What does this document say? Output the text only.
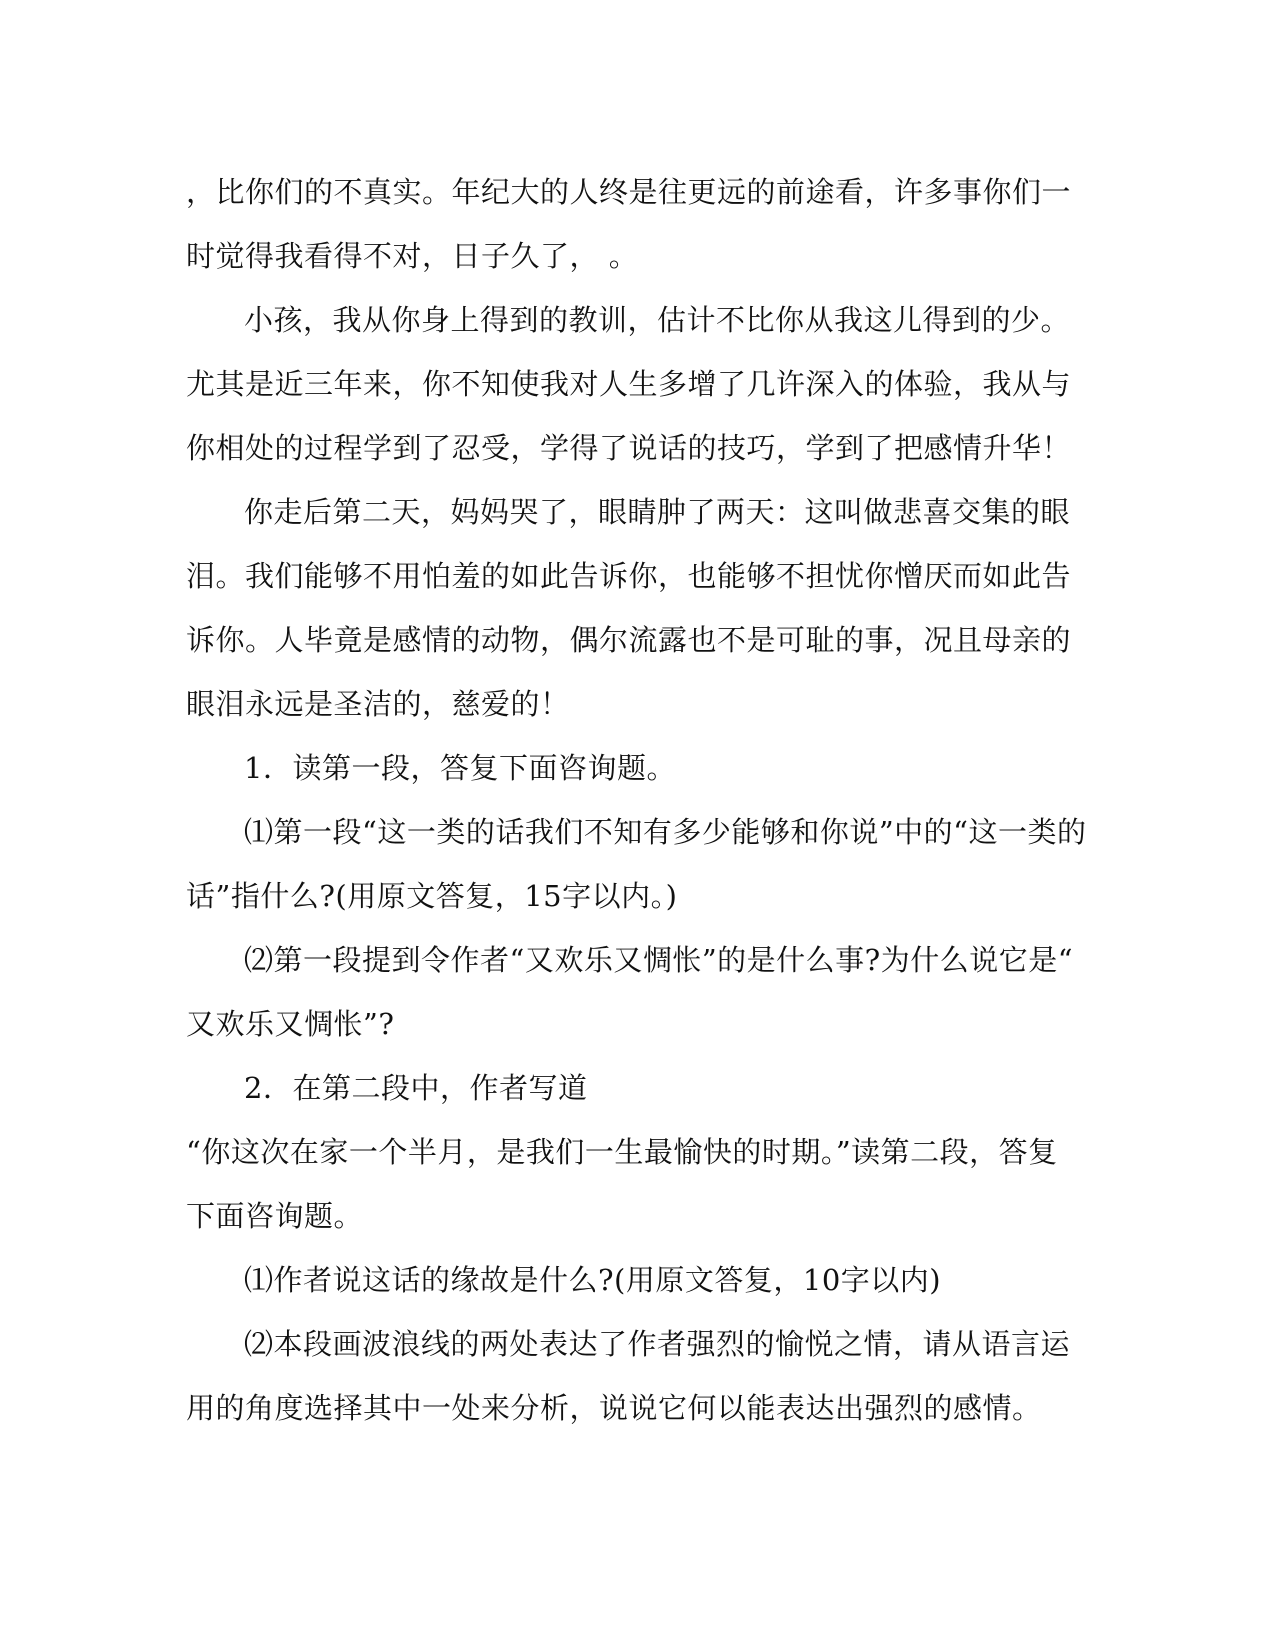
，比你们的不真实。年纪大的人终是往更远的前途看，许多事你们一
时觉得我看得不对，日子久了， 。
小孩，我从你身上得到的教训，估计不比你从我这儿得到的少。
尤其是近三年来，你不知使我对人生多增了几许深入的体验，我从与
你相处的过程学到了忍受，学得了说话的技巧，学到了把感情升华！
你走后第二天，妈妈哭了，眼睛肿了两天：这叫做悲喜交集的眼
泪。我们能够不用怕羞的如此告诉你，也能够不担忧你憎厌而如此告
诉你。人毕竟是感情的动物，偶尔流露也不是可耻的事，况且母亲的
眼泪永远是圣洁的，慈爱的！
1．读第一段，答复下面咨询题。
⑴第一段“这一类的话我们不知有多少能够和你说”中的“这一类的
话”指什么?(用原文答复，15字以内。)
⑵第一段提到令作者“又欢乐又惆怅”的是什么事?为什么说它是“
又欢乐又惆怅”?
2．在第二段中，作者写道
“你这次在家一个半月，是我们一生最愉快的时期。”读第二段，答复
下面咨询题。
⑴作者说这话的缘故是什么?(用原文答复，10字以内)
⑵本段画波浪线的两处表达了作者强烈的愉悦之情，请从语言运
用的角度选择其中一处来分析，说说它何以能表达出强烈的感情。
